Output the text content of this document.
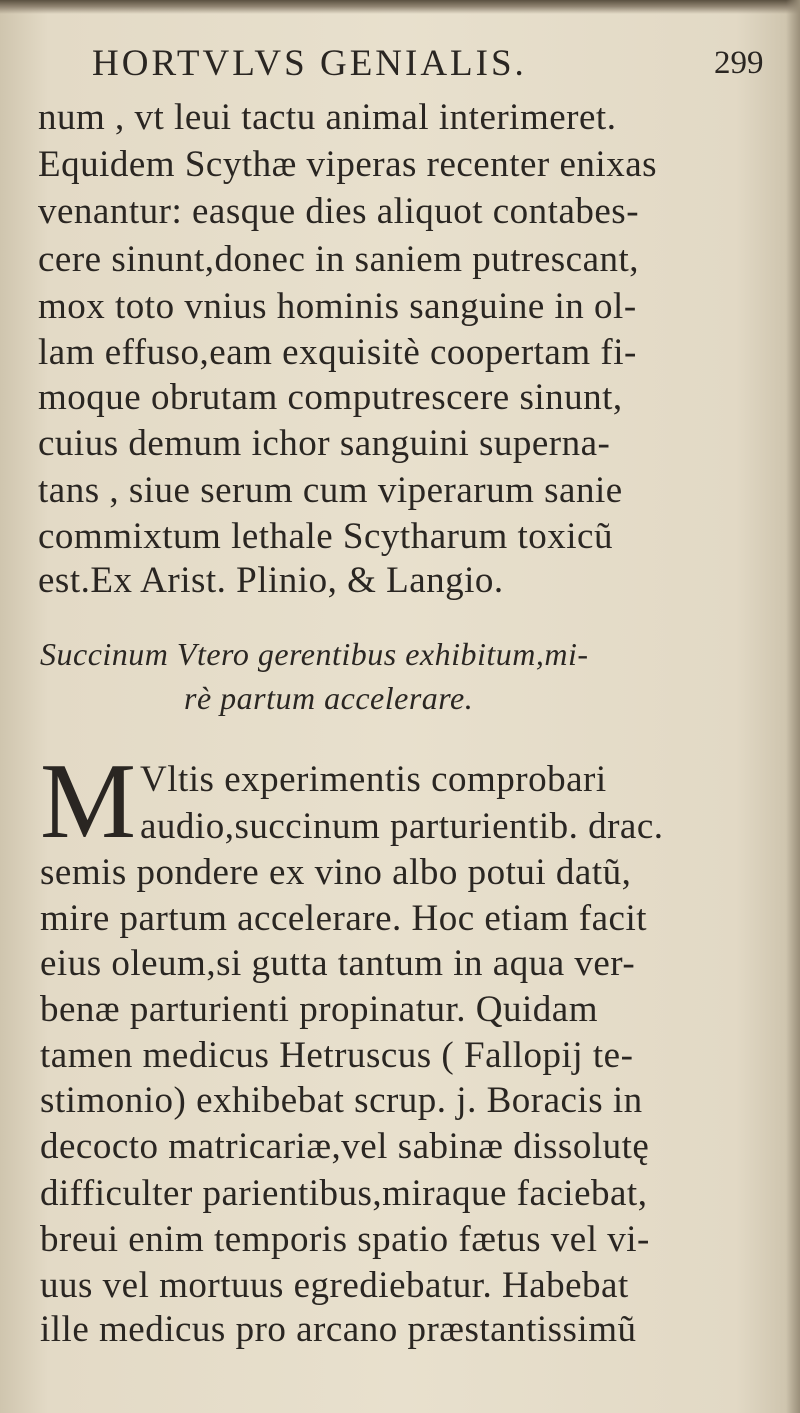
HORTVLVS GENIALIS.	299
num , vt leui tactu animal interimeret.
Equidem Scythæ viperas recenter enixas
venantur: easque dies aliquot contabes-
cere sinunt,donec in saniem putrescant,
mox toto vnius hominis sanguine in ol-
lam effuso,eam exquisitè coopertam fi-
moque obrutam computrescere sinunt,
cuius demum ichor sanguini superna-
tans , siue serum cum viperarum sanie
commixtum lethale Scytharum toxicũ
est.Ex Arist. Plinio, & Langio.
Succinum Vtero gerentibus exhibitum,mi-
rè partum accelerare.
M Vltis experimentis comprobari
audio,succinum parturientib. drac.
semis pondere ex vino albo potui datũ,
mire partum accelerare. Hoc etiam facit
eius oleum,si gutta tantum in aqua ver-
benæ parturienti propinatur. Quidam
tamen medicus Hetruscus ( Fallopij te-
stimonio) exhibebat scrup. j. Boracis in
decocto matricariæ,vel sabinæ dissolutę
difficulter parientibus,miraque faciebat,
breui enim temporis spatio fætus vel vi-
uus vel mortuus egrediebatur. Habebat
ille medicus pro arcano præstantissimũ
